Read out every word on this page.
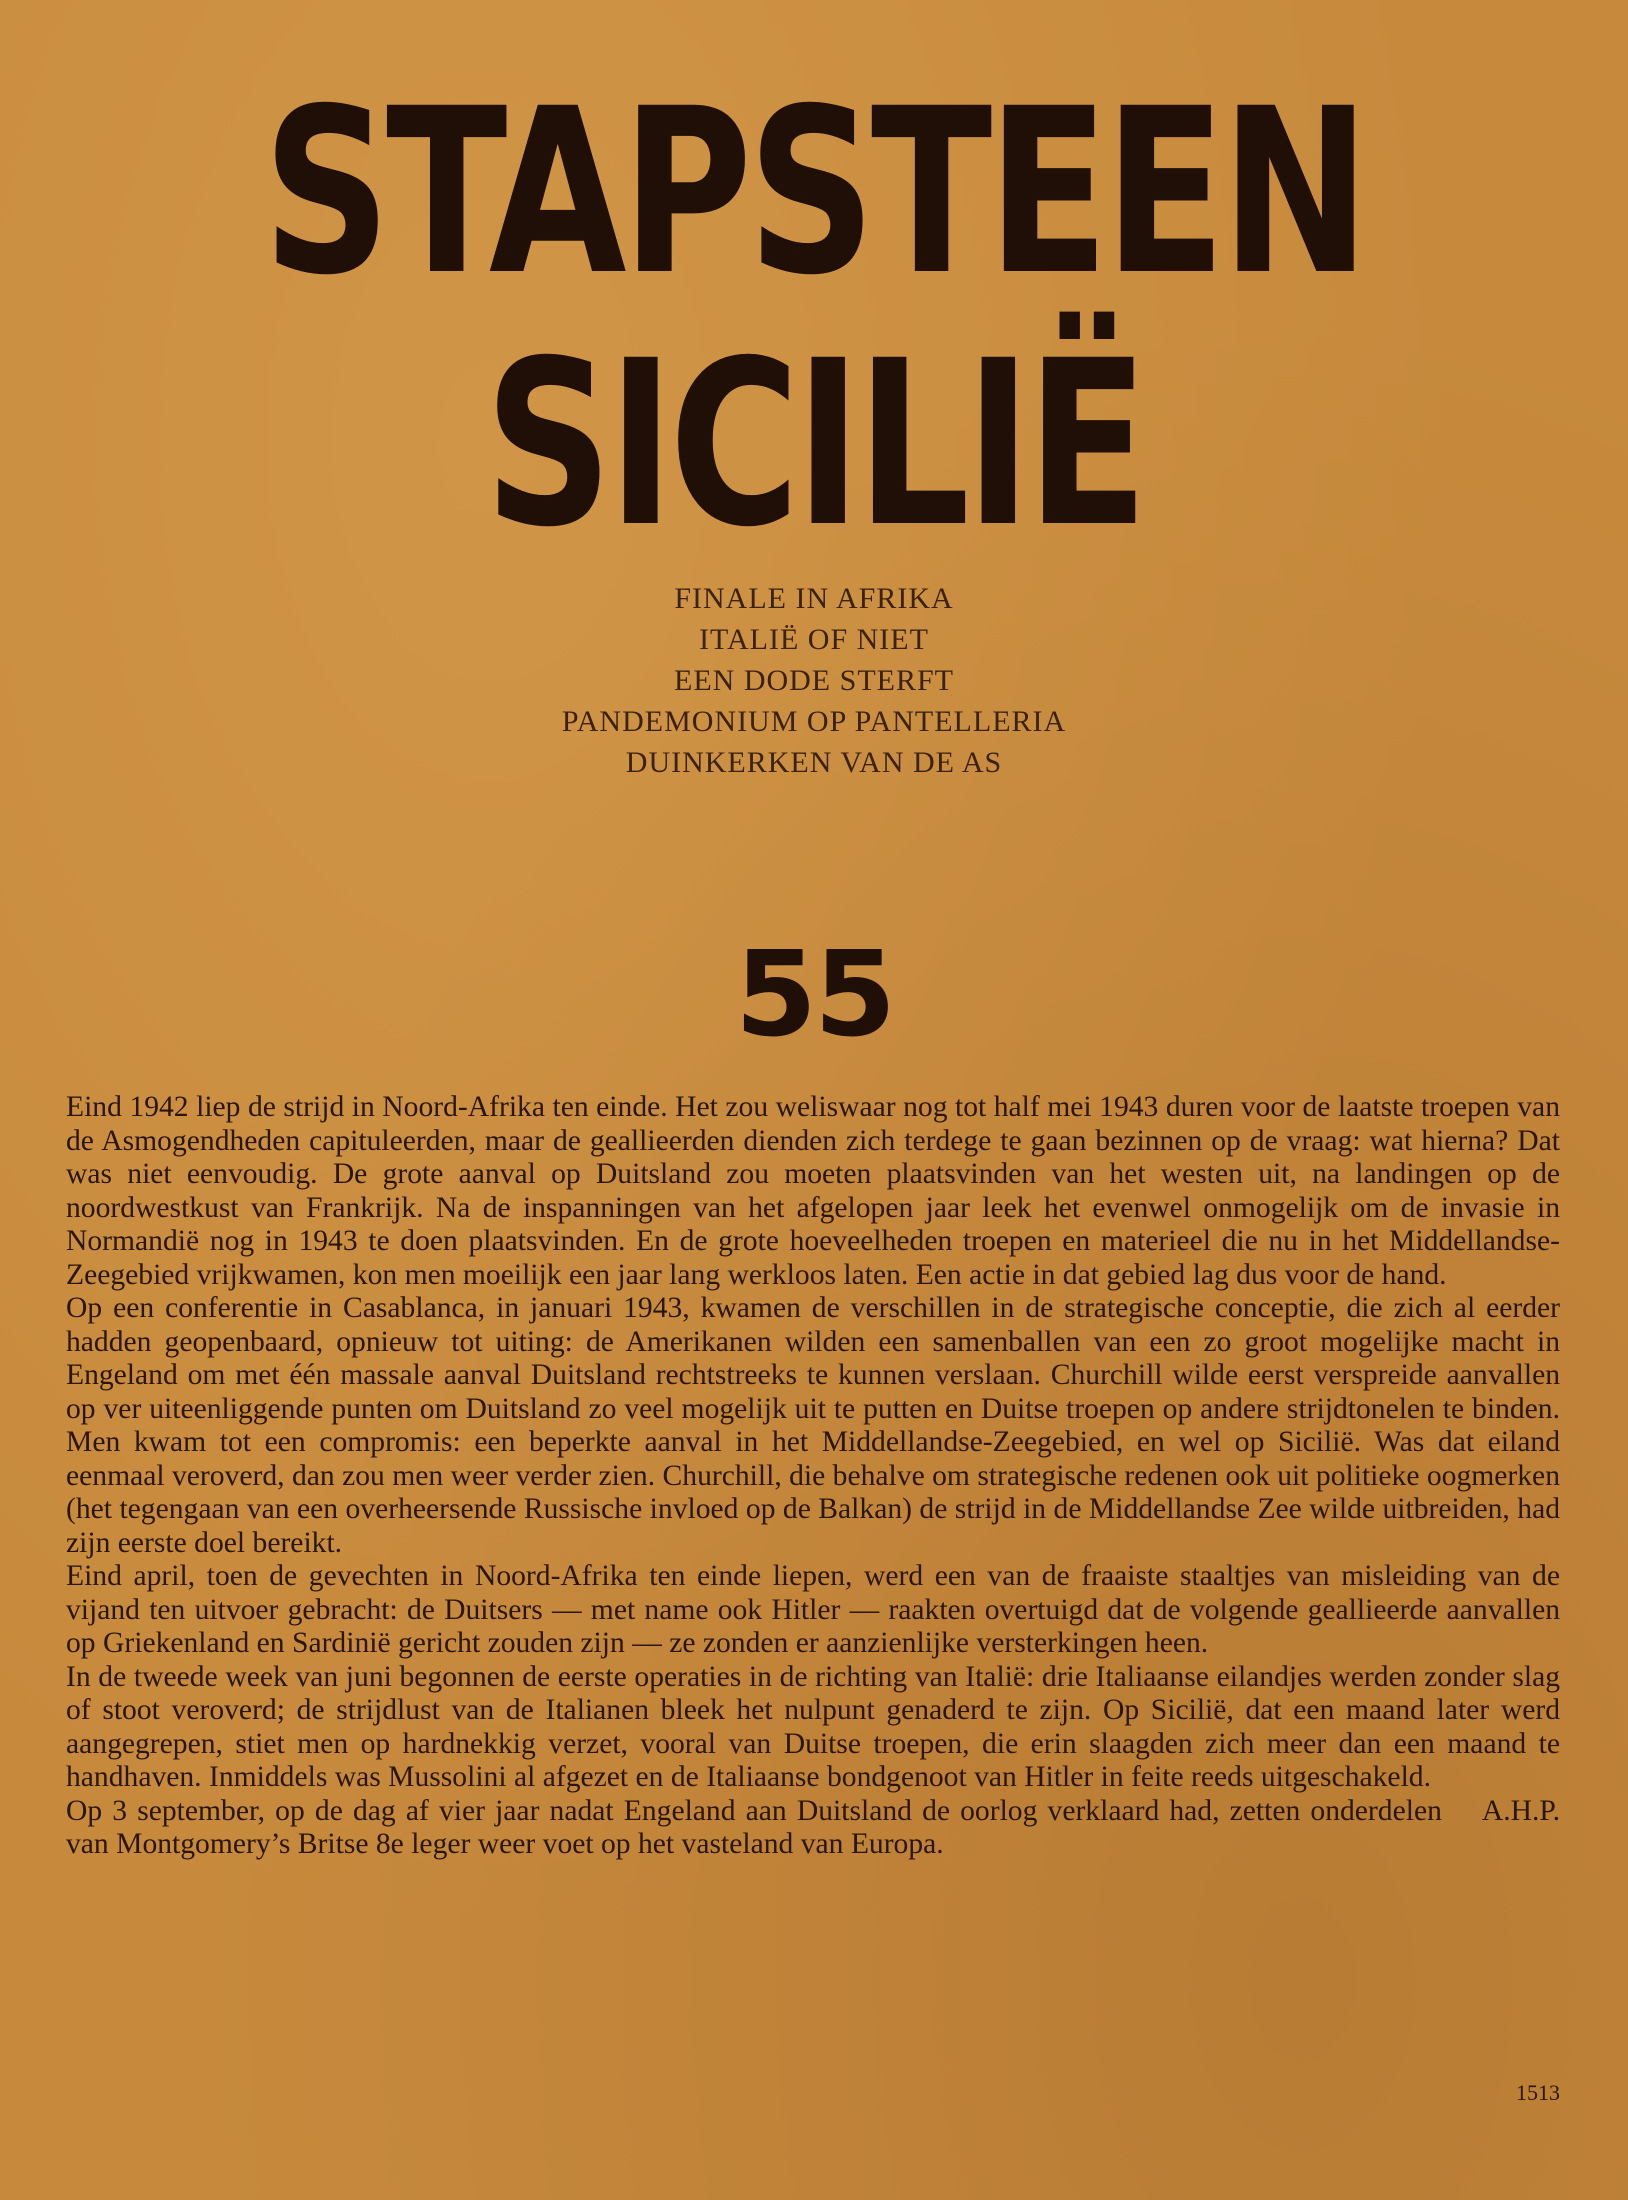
STAPSTEEN
SICILIË
FINALE IN AFRIKA
ITALIË OF NIET
EEN DODE STERFT
PANDEMONIUM OP PANTELLERIA
DUINKERKEN VAN DE AS
55

Eind 1942 liep de strijd in Noord-Afrika ten einde. Het zou weliswaar nog tot half mei 1943 duren voor de laatste troepen van de Asmogendheden capituleerden, maar de geallieerden dienden zich terdege te gaan bezinnen op de vraag: wat hierna? Dat was niet eenvoudig. De grote aanval op Duitsland zou moeten plaatsvinden van het westen uit, na landingen op de noordwestkust van Frankrijk. Na de inspanningen van het afgelopen jaar leek het evenwel onmogelijk om de invasie in Normandië nog in 1943 te doen plaatsvinden. En de grote hoeveelheden troepen en materieel die nu in het Middellandse-Zeegebied vrijkwamen, kon men moeilijk een jaar lang werkloos laten. Een actie in dat gebied lag dus voor de hand.

Op een conferentie in Casablanca, in januari 1943, kwamen de verschillen in de strategische conceptie, die zich al eerder hadden geopenbaard, opnieuw tot uiting: de Amerikanen wilden een samenballen van een zo groot mogelijke macht in Engeland om met één massale aanval Duitsland rechtstreeks te kunnen verslaan. Churchill wilde eerst verspreide aanvallen op ver uiteenliggende punten om Duitsland zo veel mogelijk uit te putten en Duitse troepen op andere strijdtonelen te binden. Men kwam tot een compromis: een beperkte aanval in het Middellandse-Zeegebied, en wel op Sicilië. Was dat eiland eenmaal veroverd, dan zou men weer verder zien. Churchill, die behalve om strategische redenen ook uit politieke oogmerken (het tegengaan van een overheersende Russische invloed op de Balkan) de strijd in de Middellandse Zee wilde uitbreiden, had zijn eerste doel bereikt.

Eind april, toen de gevechten in Noord-Afrika ten einde liepen, werd een van de fraaiste staaltjes van misleiding van de vijand ten uitvoer gebracht: de Duitsers — met name ook Hitler — raakten overtuigd dat de volgende geallieerde aanvallen op Griekenland en Sardinië gericht zouden zijn — ze zonden er aanzienlijke versterkingen heen.

In de tweede week van juni begonnen de eerste operaties in de richting van Italië: drie Italiaanse eilandjes werden zonder slag of stoot veroverd; de strijdlust van de Italianen bleek het nulpunt genaderd te zijn. Op Sicilië, dat een maand later werd aangegrepen, stiet men op hardnekkig verzet, vooral van Duitse troepen, die erin slaagden zich meer dan een maand te handhaven. Inmiddels was Mussolini al afgezet en de Italiaanse bondgenoot van Hitler in feite reeds uitgeschakeld.

A.H.P.
Op 3 september, op de dag af vier jaar nadat Engeland aan Duitsland de oorlog verklaard had, zetten onderdelen van Montgomery’s Britse 8e leger weer voet op het vasteland van Europa.

1513
